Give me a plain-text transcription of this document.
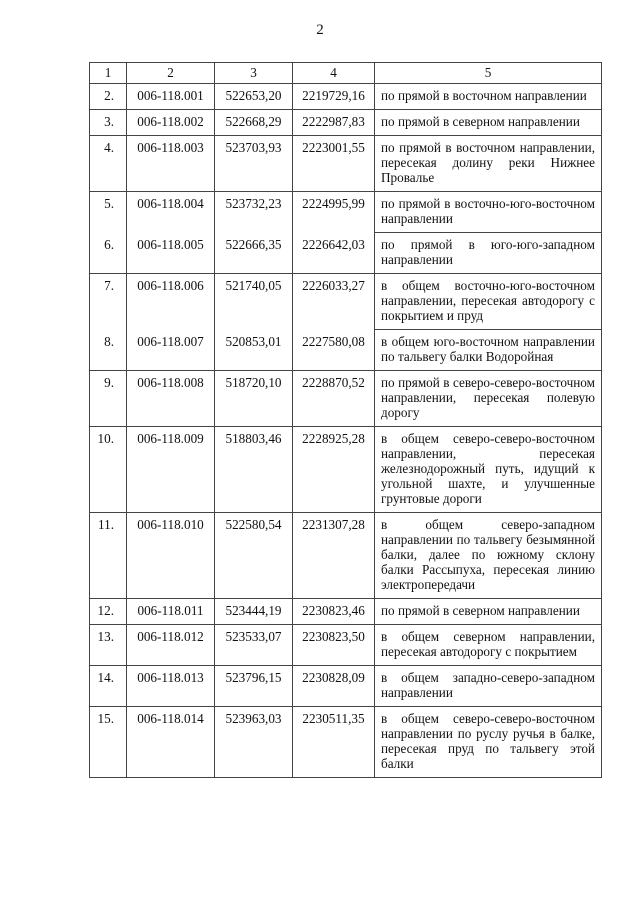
2
1	2	3	4	5
2.	006-118.001	522653,20	2219729,16	по прямой в восточном направлении
3.	006-118.002	522668,29	2222987,83	по прямой в северном направлении
4.	006-118.003	523703,93	2223001,55	по прямой в восточном направлении, пересекая долину реки Нижнее Провалье
5.	006-118.004	523732,23	2224995,99	по прямой в восточно-юго-восточном направлении
6.	006-118.005	522666,35	2226642,03	по прямой в юго-юго-западном направлении
7.	006-118.006	521740,05	2226033,27	в общем восточно-юго-восточном направлении, пересекая автодорогу с покрытием и пруд
8.	006-118.007	520853,01	2227580,08	в общем юго-восточном направлении по тальвегу балки Водоройная
9.	006-118.008	518720,10	2228870,52	по прямой в северо-северо-восточном направлении, пересекая полевую дорогу
10.	006-118.009	518803,46	2228925,28	в общем северо-северо-восточном направлении, пересекая железнодорожный путь, идущий к угольной шахте, и улучшенные грунтовые дороги
11.	006-118.010	522580,54	2231307,28	в общем северо-западном направлении по тальвегу безымянной балки, далее по южному склону балки Рассыпуха, пересекая линию электропередачи
12.	006-118.011	523444,19	2230823,46	по прямой в северном направлении
13.	006-118.012	523533,07	2230823,50	в общем северном направлении, пересекая автодорогу с покрытием
14.	006-118.013	523796,15	2230828,09	в общем западно-северо-западном направлении
15.	006-118.014	523963,03	2230511,35	в общем северо-северо-восточном направлении по руслу ручья в балке, пересекая пруд по тальвегу этой балки
